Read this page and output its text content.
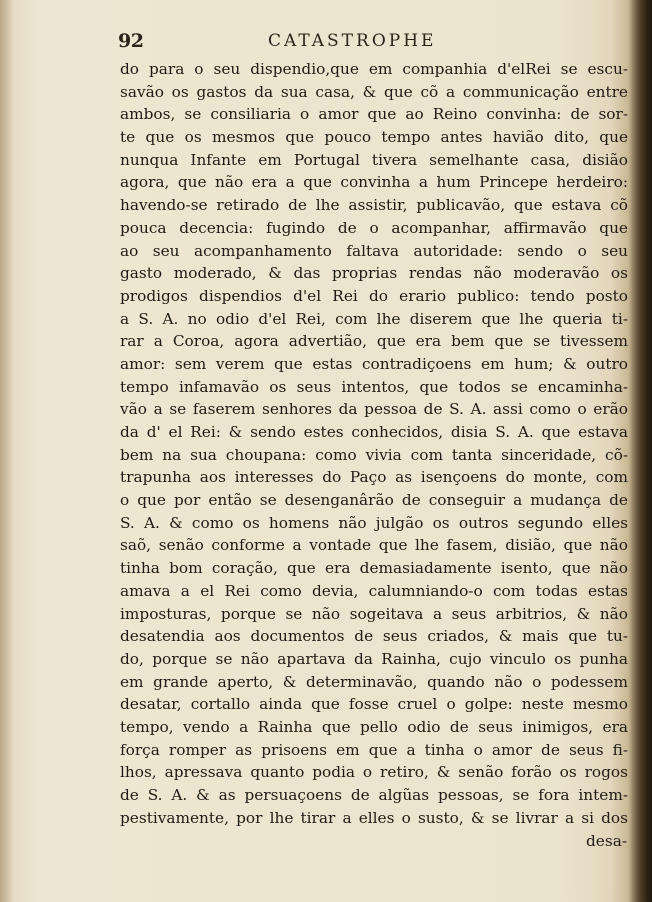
92	CATASTROPHE
do para o seu dispendio,que em companhia d'elRei se escu-
savão os gastos da sua casa, & que cõ a communicação entre
ambos, se consiliaria o amor que ao Reino convinha: de sor-
te que os mesmos que pouco tempo antes havião dito, que
nunqua Infante em Portugal tivera semelhante casa, disião
agora, que não era a que convinha a hum Princepe herdeiro:
havendo-se retirado de lhe assistir, publicavão, que estava cõ
pouca decencia: fugindo de o acompanhar, affirmavão que
ao seu acompanhamento faltava autoridade: sendo o seu
gasto moderado, & das proprias rendas não moderavão os
prodigos dispendios d'el Rei do erario publico: tendo posto
a S. A. no odio d'el Rei, com lhe diserem que lhe queria ti-
rar a Coroa, agora advertião, que era bem que se tivessem
amor: sem verem que estas contradiçoens em hum; & outro
tempo infamavão os seus intentos, que todos se encaminha-
vão a se faserem senhores da pessoa de S. A. assi como o erão
da d' el Rei: & sendo estes conhecidos, disia S. A. que estava
bem na sua choupana: como vivia com tanta sinceridade, cõ-
trapunha aos interesses do Paço as isençoens do monte, com
o que por então se desenganârão de conseguir a mudança de
S. A. & como os homens não julgão os outros segundo elles
saõ, senão conforme a vontade que lhe fasem, disião, que não
tinha bom coração, que era demasiadamente isento, que não
amava a el Rei como devia, calumniando-o com todas estas
imposturas, porque se não sogeitava a seus arbitrios, & não
desatendia aos documentos de seus criados, & mais que tu-
do, porque se não apartava da Rainha, cujo vinculo os punha
em grande aperto, & determinavão, quando não o podessem
desatar, cortallo ainda que fosse cruel o golpe: neste mesmo
tempo, vendo a Rainha que pello odio de seus inimigos, era
força romper as prisoens em que a tinha o amor de seus fi-
lhos, apressava quanto podia o retiro, & senão forão os rogos
de S. A. & as persuaçoens de algũas pessoas, se fora intem-
pestivamente, por lhe tirar a elles o susto, & se livrar a si dos
desa-
